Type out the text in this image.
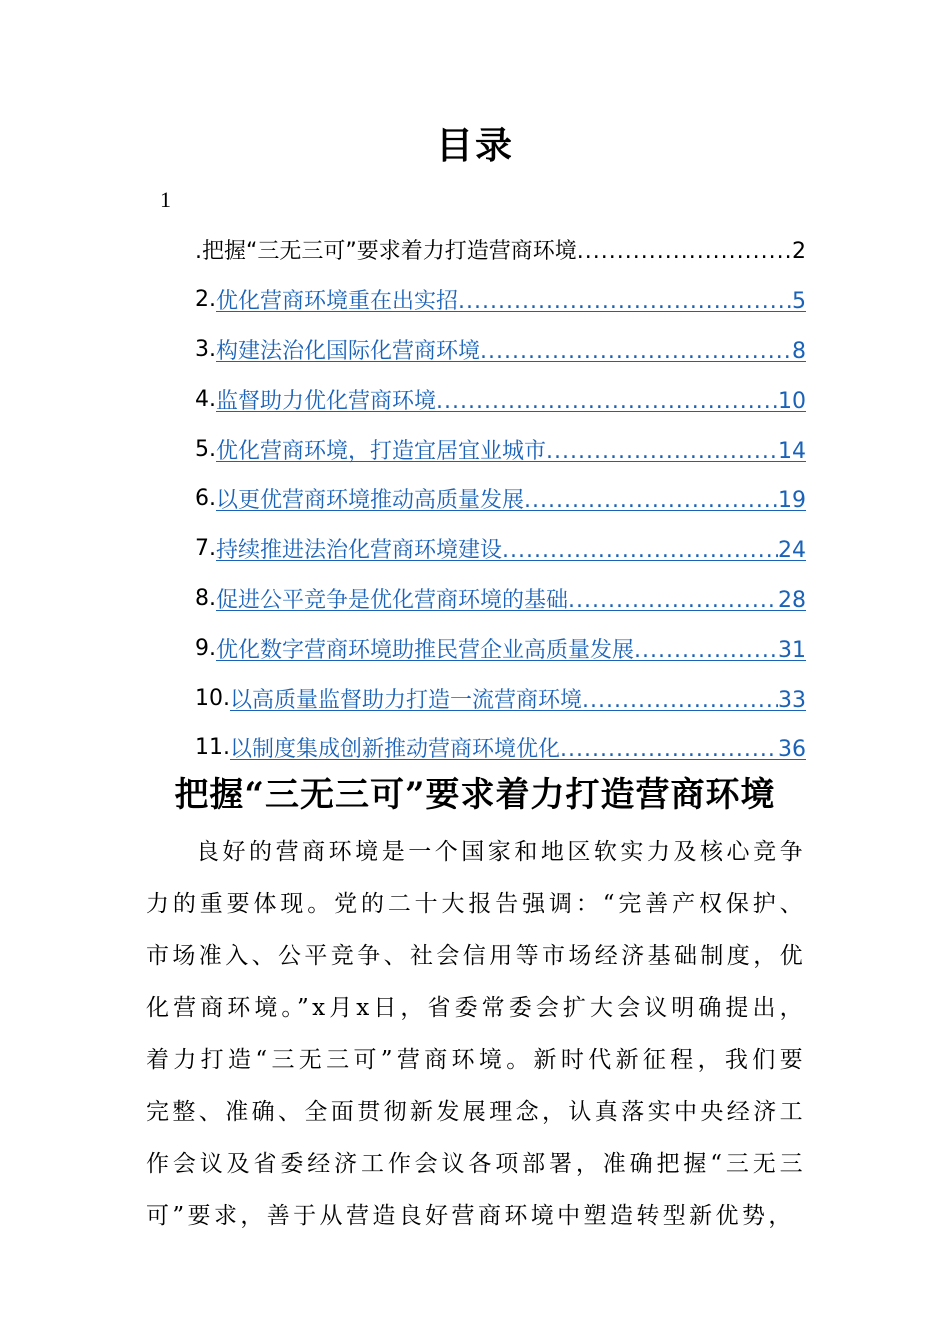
目录
1
.把握“三无三可”要求着力打造营商环境 .....	2
2. 优化营商环境重在出实招 .....	5
3. 构建法治化国际化营商环境 .....	8
4. 监督助力优化营商环境 .....	10
5. 优化营商环境，打造宜居宜业城市 .....	14
6. 以更优营商环境推动高质量发展 .....	19
7. 持续推进法治化营商环境建设 .....	24
8. 促进公平竞争是优化营商环境的基础 .....	28
9. 优化数字营商环境助推民营企业高质量发展 .....	31
10. 以高质量监督助力打造一流营商环境 .....	33
11. 以制度集成创新推动营商环境优化 .....	36
把握“三无三可”要求着力打造营商环境

良好的营商环境是一个国家和地区软实力及核心竞争力的重要体现。党的二十大报告强调：“完善产权保护、市场准入、公平竞争、社会信用等市场经济基础制度，优化营商环境。”x月x日，省委常委会扩大会议明确提出，着力打造“三无三可”营商环境。新时代新征程，我们要完整、准确、全面贯彻新发展理念，认真落实中央经济工作会议及省委经济工作会议各项部署，准确把握“三无三可”要求，善于从营造良好营商环境中塑造转型新优势，
